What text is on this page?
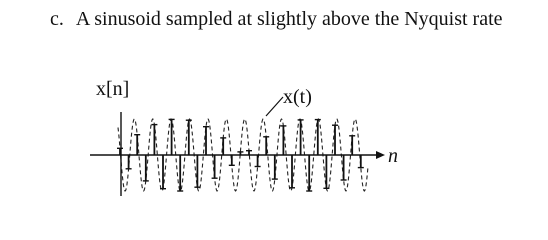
c. A sinusoid sampled at slightly above the Nyquist rate
x[n]	x(t)
n
